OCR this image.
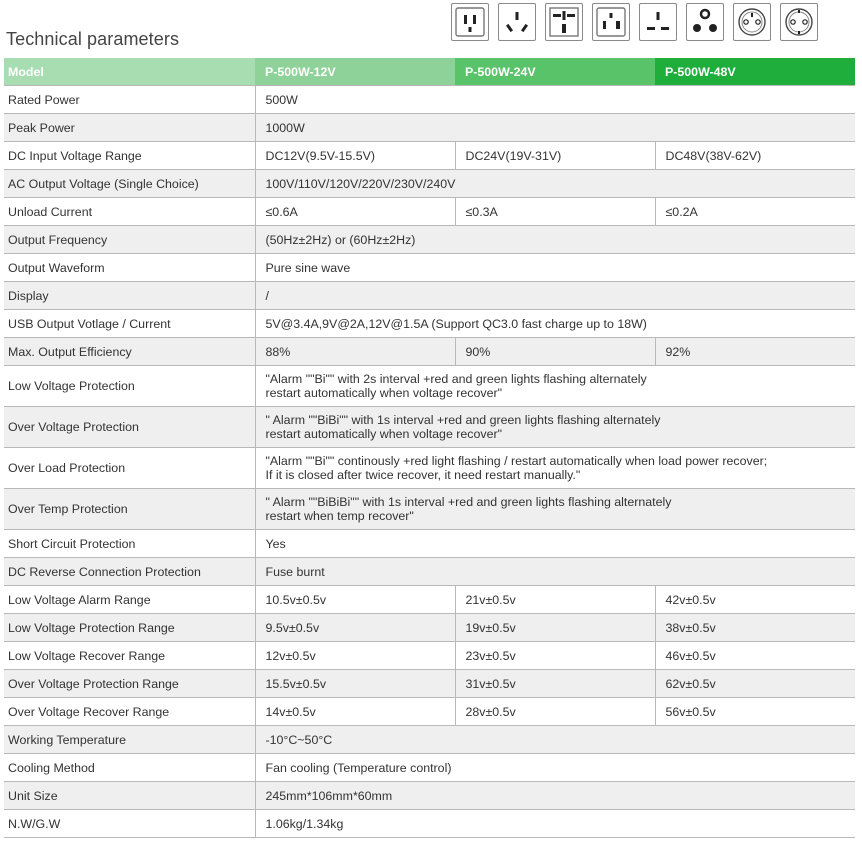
Technical parameters
Model	P-500W-12V	P-500W-24V	P-500W-48V
Rated Power	500W		
Peak Power	1000W		
DC Input Voltage Range	DC12V(9.5V-15.5V)	DC24V(19V-31V)	DC48V(38V-62V)
AC Output Voltage (Single Choice)	100V/110V/120V/220V/230V/240V		
Unload Current	≤0.6A	≤0.3A	≤0.2A
Output Frequency	(50Hz±2Hz) or (60Hz±2Hz)		
Output Waveform	Pure sine wave		
Display	/		
USB Output Votlage / Current	5V@3.4A,9V@2A,12V@1.5A (Support QC3.0 fast charge up to 18W)		
Max. Output Efficiency	88%	90%	92%
Low Voltage Protection	"Alarm ""Bi"" with 2s interval +red and green lights flashing alternately
restart automatically when voltage recover"		

Over Voltage Protection	" Alarm ""BiBi"" with 1s interval +red and green lights flashing alternately
restart automatically when voltage recover"		

Over Load Protection	"Alarm ""Bi"" continously +red light flashing / restart automatically when load power recover;
If it is closed after twice recover, it need restart manually."		

Over Temp Protection	" Alarm ""BiBiBi"" with 1s interval +red and green lights flashing alternately
restart when temp recover"		

Short Circuit Protection	Yes		
DC Reverse Connection Protection	Fuse burnt		
Low Voltage Alarm Range	10.5v±0.5v	21v±0.5v	42v±0.5v
Low Voltage Protection Range	9.5v±0.5v	19v±0.5v	38v±0.5v
Low Voltage Recover Range	12v±0.5v	23v±0.5v	46v±0.5v
Over Voltage Protection Range	15.5v±0.5v	31v±0.5v	62v±0.5v
Over Voltage Recover Range	14v±0.5v	28v±0.5v	56v±0.5v
Working Temperature	-10°C~50°C		
Cooling Method	Fan cooling (Temperature control)		
Unit Size	245mm*106mm*60mm		
N.W/G.W	1.06kg/1.34kg		
